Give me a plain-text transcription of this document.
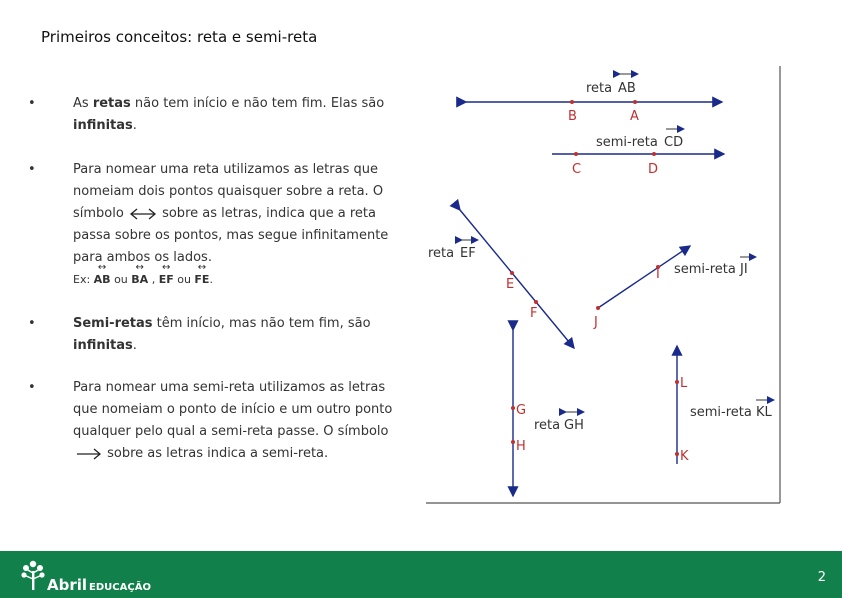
Primeiros conceitos: reta e semi-reta
•	As retas não tem início e não tem fim. Elas são infinitas.
•	Para nomear uma reta utilizamos as letras que nomeiam dois pontos quaisquer sobre a reta. O símbolo
sobre as letras, indica que a reta passa sobre os pontos, mas segue infinitamente para ambos os lados.
Ex: ↔ AB ou ↔ BA , ↔ EF ou ↔ FE.
•	Semi-retas têm início, mas não tem fim, são infinitas.
•	Para nomear uma semi-reta utilizamos as letras que nomeiam o ponto de início e um outro ponto qualquer pelo qual a semi-reta passe. O símbolo
sobre as letras indica a semi-reta.
reta AB
B	A
semi-reta CD
C	D
reta EF
E
F
semi-reta JI
I
J
reta GH
G
H
semi-reta KL
L
K
Abril EDUCAÇÃO
2
